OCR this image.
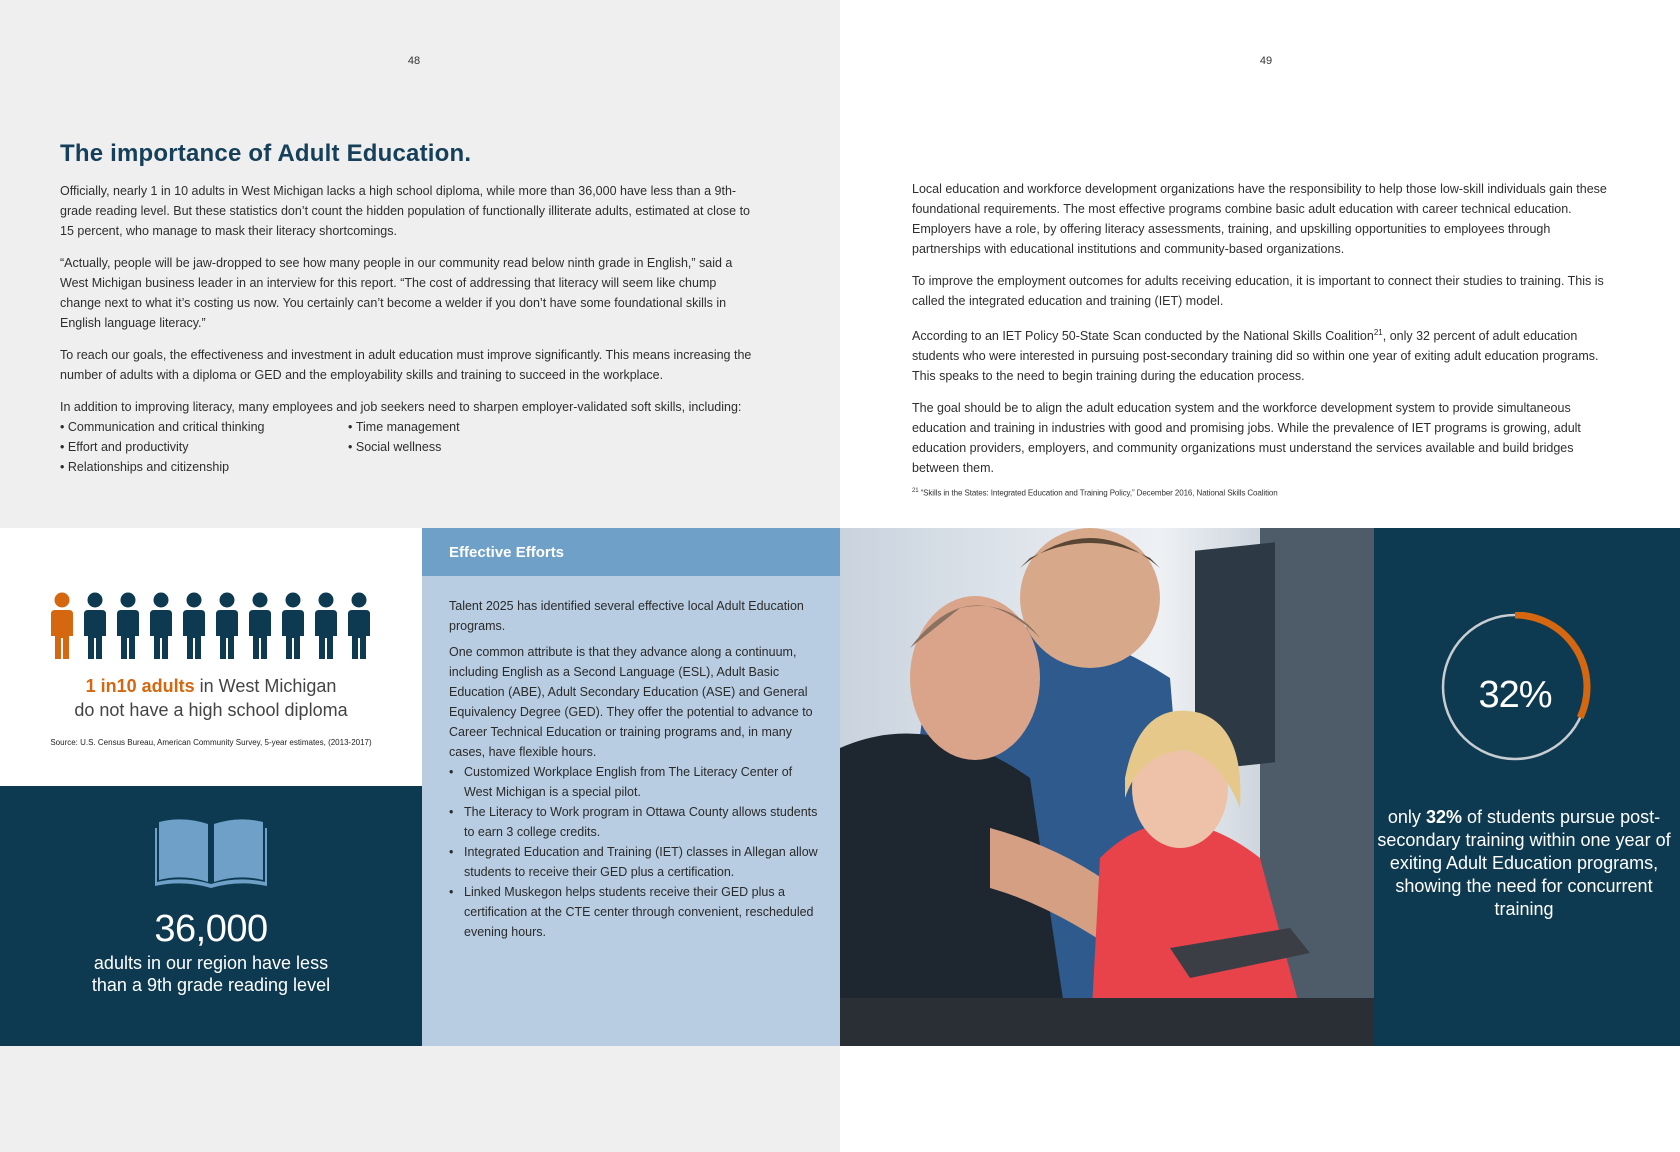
48
The importance of Adult Education.

Officially, nearly 1 in 10 adults in West Michigan lacks a high school diploma, while more than 36,000 have less than a 9th-grade reading level. But these statistics don’t count the hidden population of functionally illiterate adults, estimated at close to 15 percent, who manage to mask their literacy shortcomings.

“Actually, people will be jaw-dropped to see how many people in our community read below ninth grade in English,” said a West Michigan business leader in an interview for this report. “The cost of addressing that literacy will seem like chump change next to what it’s costing us now. You certainly can’t become a welder if you don’t have some foundational skills in English language literacy.”

To reach our goals, the effectiveness and investment in adult education must improve significantly. This means increasing the number of adults with a diploma or GED and the employability skills and training to succeed in the workplace.

In addition to improving literacy, many employees and job seekers need to sharpen employer-validated soft skills, including:

• Communication and critical thinking	• Time management
• Effort and productivity	• Social wellness
• Relationships and citizenship
49

Local education and workforce development organizations have the responsibility to help those low-skill individuals gain these foundational requirements. The most effective programs combine basic adult education with career technical education. Employers have a role, by offering literacy assessments, training, and upskilling opportunities to employees through partnerships with educational institutions and community-based organizations.

To improve the employment outcomes for adults receiving education, it is important to connect their studies to training. This is called the integrated education and training (IET) model.

According to an IET Policy 50-State Scan conducted by the National Skills Coalition$^{21}$, only 32 percent of adult education students who were interested in pursuing post-secondary training did so within one year of exiting adult education programs. This speaks to the need to begin training during the education process.

The goal should be to align the adult education system and the workforce development system to provide simultaneous education and training in industries with good and promising jobs. While the prevalence of IET programs is growing, adult education providers, employers, and community organizations must understand the services available and build bridges between them.

$^{21}$ “Skills in the States: Integrated Education and Training Policy,” December 2016, National Skills Coalition
1 in10 adults in West Michigan
do not have a high school diploma
Source: U.S. Census Bureau, American Community Survey, 5-year estimates, (2013-2017)
36,000
adults in our region have less
than a 9th grade reading level
Effective Efforts

Talent 2025 has identified several effective local Adult Education programs.

One common attribute is that they advance along a continuum, including English as a Second Language (ESL), Adult Basic Education (ABE), Adult Secondary Education (ASE) and General Equivalency Degree (GED). They offer the potential to advance to Career Technical Education or training programs and, in many cases, have flexible hours.

• Customized Workplace English from The Literacy Center of West Michigan is a special pilot.
• The Literacy to Work program in Ottawa County allows students to earn 3 college credits.
• Integrated Education and Training (IET) classes in Allegan allow students to receive their GED plus a certification.
• Linked Muskegon helps students receive their GED plus a certification at the CTE center through convenient, rescheduled evening hours.
32%
only 32% of students pursue post-secondary training within one year of exiting Adult Education programs, showing the need for concurrent training
